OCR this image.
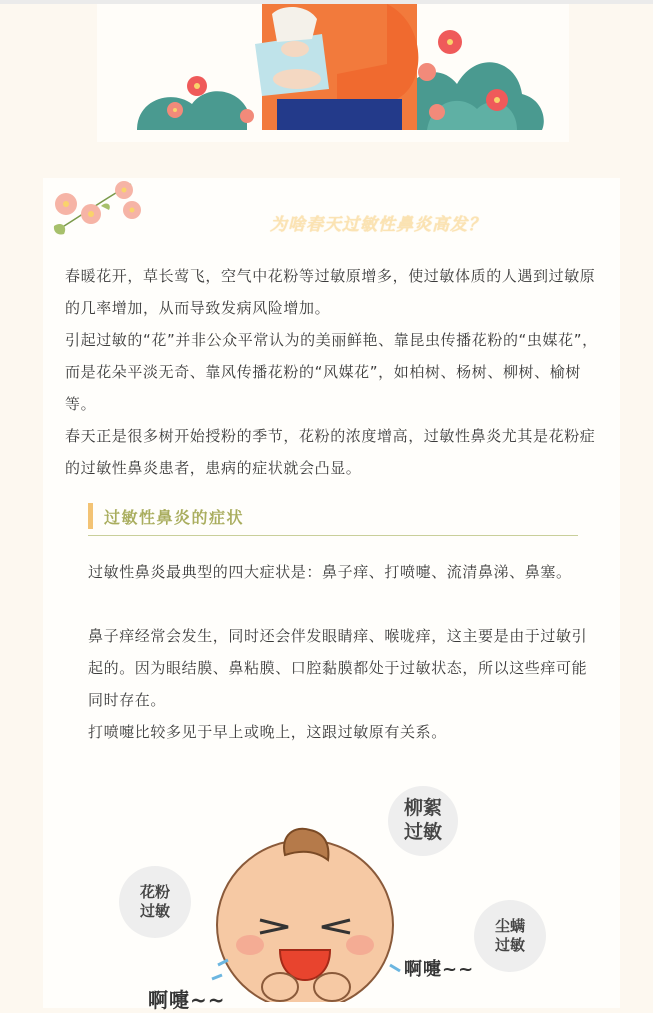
为啥春天过敏性鼻炎高发？

春暖花开，草长莺飞，空气中花粉等过敏原增多，使过敏体质的人遇到过敏原的几率增加，从而导致发病风险增加。

引起过敏的“花”并非公众平常认为的美丽鲜艳、靠昆虫传播花粉的“虫媒花”，而是花朵平淡无奇、靠风传播花粉的“风媒花”，如柏树、杨树、柳树、榆树等。

春天正是很多树开始授粉的季节，花粉的浓度增高，过敏性鼻炎尤其是花粉症的过敏性鼻炎患者，患病的症状就会凸显。

过敏性鼻炎的症状

过敏性鼻炎最典型的四大症状是：鼻子痒、打喷嚏、流清鼻涕、鼻塞。

鼻子痒经常会发生，同时还会伴发眼睛痒、喉咙痒，这主要是由于过敏引起的。因为眼结膜、鼻粘膜、口腔黏膜都处于过敏状态，所以这些痒可能同时存在。

打喷嚏比较多见于早上或晚上，这跟过敏原有关系。

柳絮
过敏
花粉
过敏
尘螨
过敏
啊嚏~~
啊嚏~~
